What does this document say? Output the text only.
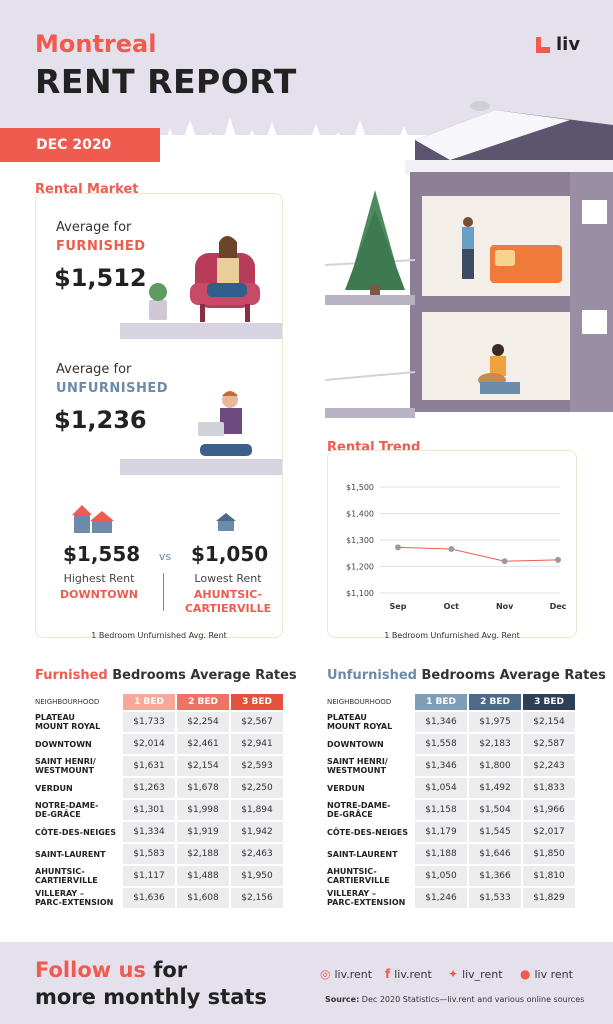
Montreal
RENT REPORT
liv
DEC 2020
Rental Market
Average for
FURNISHED
$1,512
Average for
UNFURNISHED
$1,236
$1,558	vs $1,050
Highest Rent	Lowest Rent
DOWNTOWN	AHUNTSIC-
CARTIERVILLE
1 Bedroom Unfurnished Avg. Rent
Rental Trend
$1,500
$1,400
$1,300
$1,200
$1,100
Sep	Oct	Nov	Dec
1 Bedroom Unfurnished Avg. Rent
Furnished Bedrooms Average Rates
NEIGHBOURHOOD	1 BED	2 BED	3 BED

PLATEAU
MOUNT ROYAL	$1,733	$2,254	$2,567

DOWNTOWN	$2,014	$2,461	$2,941

SAINT HENRI/
WESTMOUNT	$1,631	$2,154	$2,593

VERDUN	$1,263	$1,678	$2,250

NOTRE-DAME-
DE-GRÂCE	$1,301	$1,998	$1,894

CÔTE-DES-NEIGES	$1,334	$1,919	$1,942

SAINT-LAURENT	$1,583	$2,188	$2,463

AHUNTSIC-
CARTIERVILLE	$1,117	$1,488	$1,950

VILLERAY –
PARC-EXTENSION	$1,636	$1,608	$2,156
Unfurnished Bedrooms Average Rates
NEIGHBOURHOOD	1 BED	2 BED	3 BED

PLATEAU
MOUNT ROYAL	$1,346	$1,975	$2,154

DOWNTOWN	$1,558	$2,183	$2,587

SAINT HENRI/
WESTMOUNT	$1,346	$1,800	$2,243

VERDUN	$1,054	$1,492	$1,833

NOTRE-DAME-
DE-GRÂCE	$1,158	$1,504	$1,966

CÔTE-DES-NEIGES	$1,179	$1,545	$2,017

SAINT-LAURENT	$1,188	$1,646	$1,850

AHUNTSIC-
CARTIERVILLE	$1,050	$1,366	$1,810

VILLERAY –
PARC-EXTENSION	$1,246	$1,533	$1,829
Follow us for
more monthly stats
◎ liv.rent f liv.rent ✦ liv_rent ● liv rent
Source: Dec 2020 Statistics—liv.rent and various online sources
